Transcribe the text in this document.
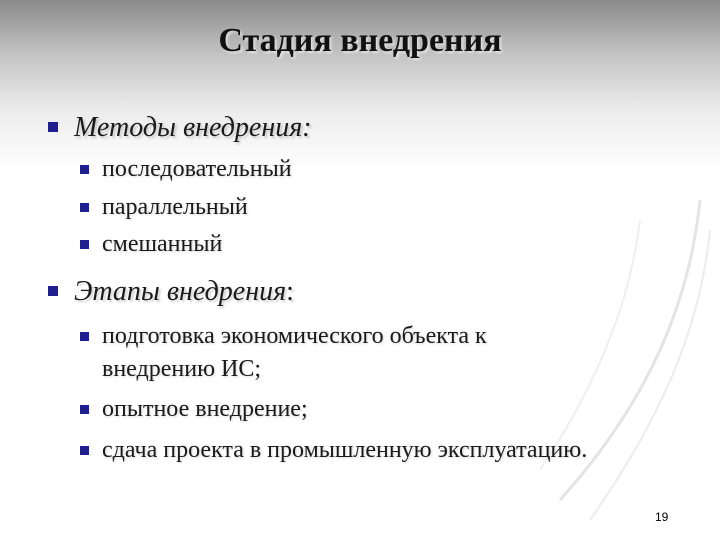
Стадия внедрения
Методы внедрения:
последовательный
параллельный
смешанный
Этапы внедрения:
подготовка экономического объекта к
внедрению ИС;
опытное внедрение;
сдача проекта в промышленную эксплуатацию.
19
